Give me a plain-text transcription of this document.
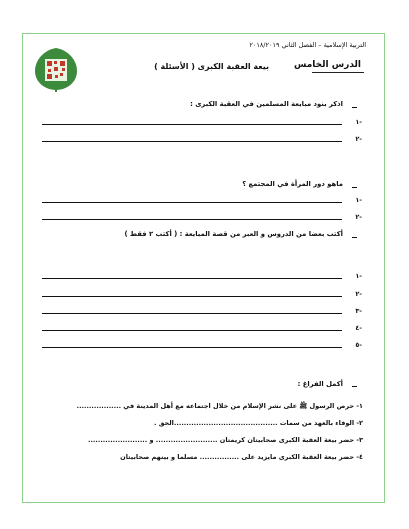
التربية الإسلامية – الفصل الثاني ٢٠١٨/٢٠١٩
الدرس الخامس
بيعة العقبة الكبرى ( الأسئلة )
اذكر بنود مبايعة المسلمين في العقبة الكبرى :
-١
-٢
ماهو دور المرأة في المجتمع ؟
-١
-٢
أكتب بعضا من الدروس و العبر من قصة المبايعة : ( أكتب ٢ فقط )
-١
-٢
-٣
-٤
-٥
أكمل الفراغ :
١- حرص الرسول ﷺ على نشر الإسلام من خلال اجتماعه مع أهل المدينة في ..................
٢- الوفاء بالعهد من سمات ..........................................الحق .
٣- حضر بيعة العقبة الكبرى صحابيتان كريمتان ......................... و ........................
٤- حضر بيعة العقبة الكبرى مايزيد على ................ مسلما و بينهم صحابيتان
